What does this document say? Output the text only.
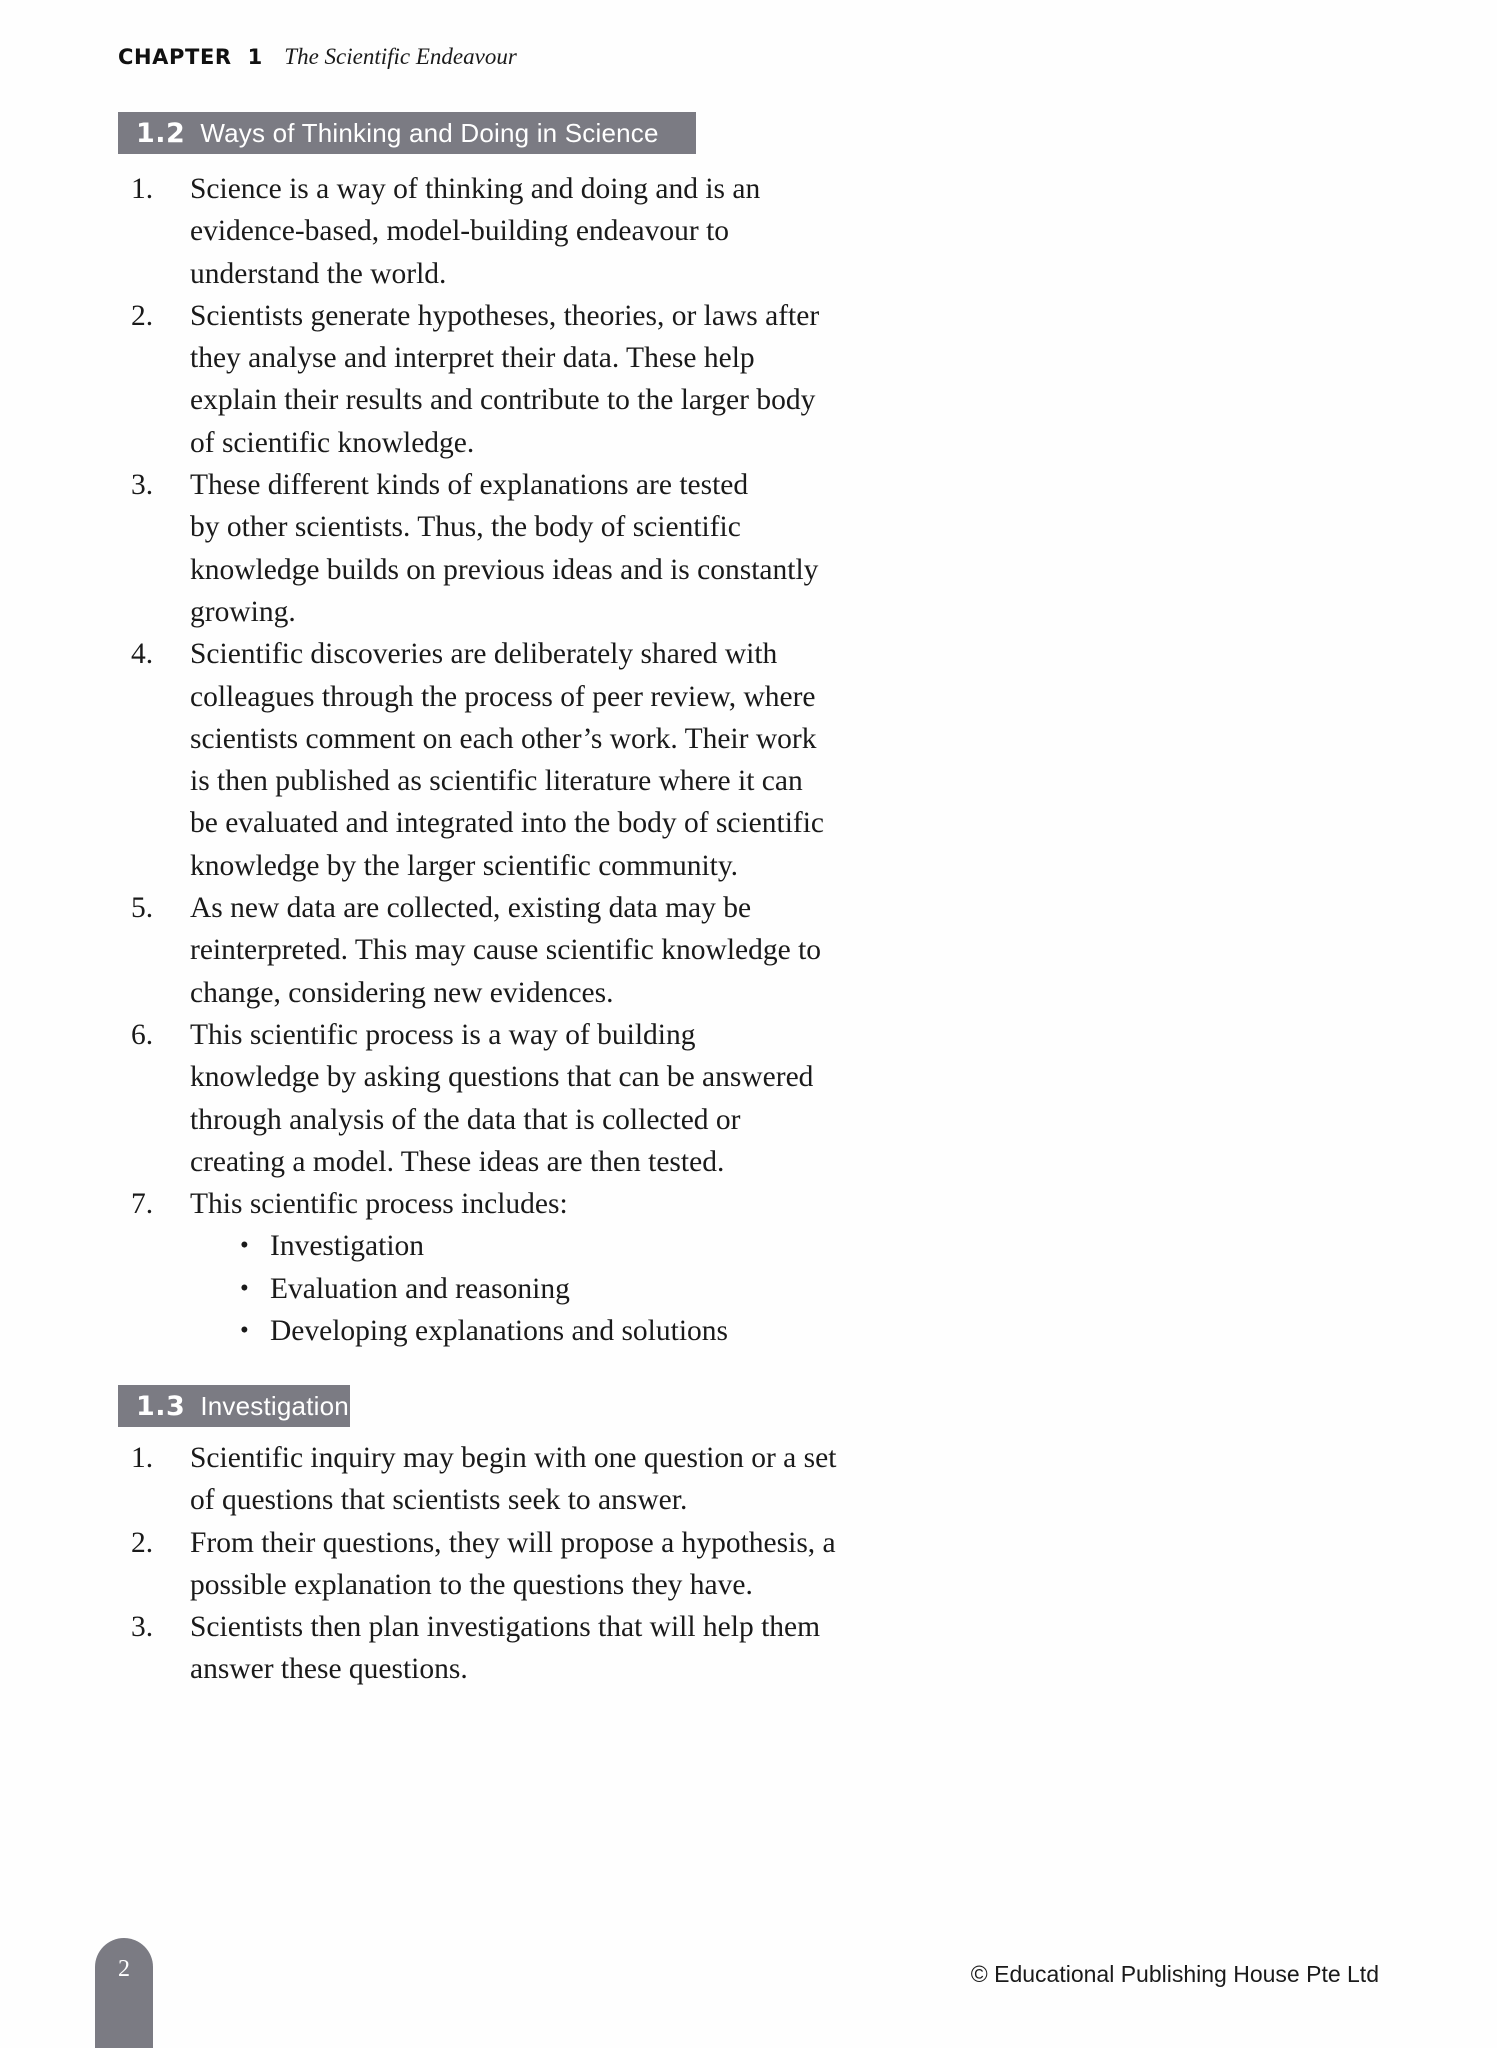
CHAPTER 1 The Scientific Endeavour
1.2 Ways of Thinking and Doing in Science
1.	Science is a way of thinking and doing and is an
evidence-based, model-building endeavour to
understand the world.
2.	Scientists generate hypotheses, theories, or laws after
they analyse and interpret their data. These help
explain their results and contribute to the larger body
of scientific knowledge.
3.	These different kinds of explanations are tested
by other scientists. Thus, the body of scientific
knowledge builds on previous ideas and is constantly
growing.
4.	Scientific discoveries are deliberately shared with
colleagues through the process of peer review, where
scientists comment on each other’s work. Their work
is then published as scientific literature where it can
be evaluated and integrated into the body of scientific
knowledge by the larger scientific community.
5.	As new data are collected, existing data may be
reinterpreted. This may cause scientific knowledge to
change, considering new evidences.
6.	This scientific process is a way of building
knowledge by asking questions that can be answered
through analysis of the data that is collected or
creating a model. These ideas are then tested.
7.	This scientific process includes:
• Investigation
• Evaluation and reasoning
• Developing explanations and solutions
1.3 Investigation
1.	Scientific inquiry may begin with one question or a set
of questions that scientists seek to answer.
2.	From their questions, they will propose a hypothesis, a
possible explanation to the questions they have.
3.	Scientists then plan investigations that will help them
answer these questions.
2	© Educational Publishing House Pte Ltd
